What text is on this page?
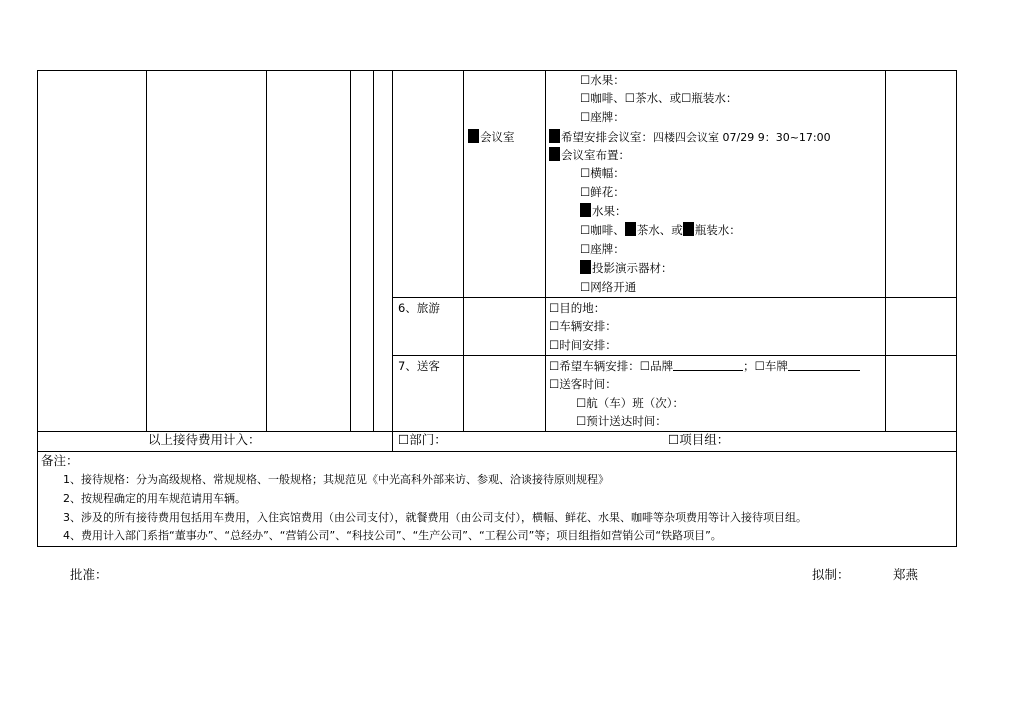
会议室
☐水果：
☐咖啡、☐茶水、或☐瓶装水：
☐座牌：
希望安排会议室：四楼四会议室 07/29 9：30~17:00
会议室布置：
☐横幅：
☐鲜花：
水果：
☐咖啡、 茶水、或 瓶装水：
☐座牌：
投影演示器材：
☐网络开通
6、旅游	☐目的地：
☐车辆安排：
☐时间安排：
7、送客	☐希望车辆安排：☐品牌	；☐车牌
☐送客时间：
☐航（车）班（次）：
☐预计送达时间：
以上接待费用计入：	☐部门：	☐项目组：
备注：
1、接待规格：分为高级规格、常规规格、一般规格；其规范见《中光高科外部来访、参观、洽谈接待原则规程》
2、按规程确定的用车规范请用车辆。
3、涉及的所有接待费用包括用车费用，入住宾馆费用（由公司支付），就餐费用（由公司支付），横幅、鲜花、水果、咖啡等杂项费用等计入接待项目组。
4、费用计入部门系指“董事办”、“总经办”、“营销公司”、“科技公司”、“生产公司”、“工程公司”等；项目组指如营销公司“铁路项目”。
批准：	拟制：	郑燕
